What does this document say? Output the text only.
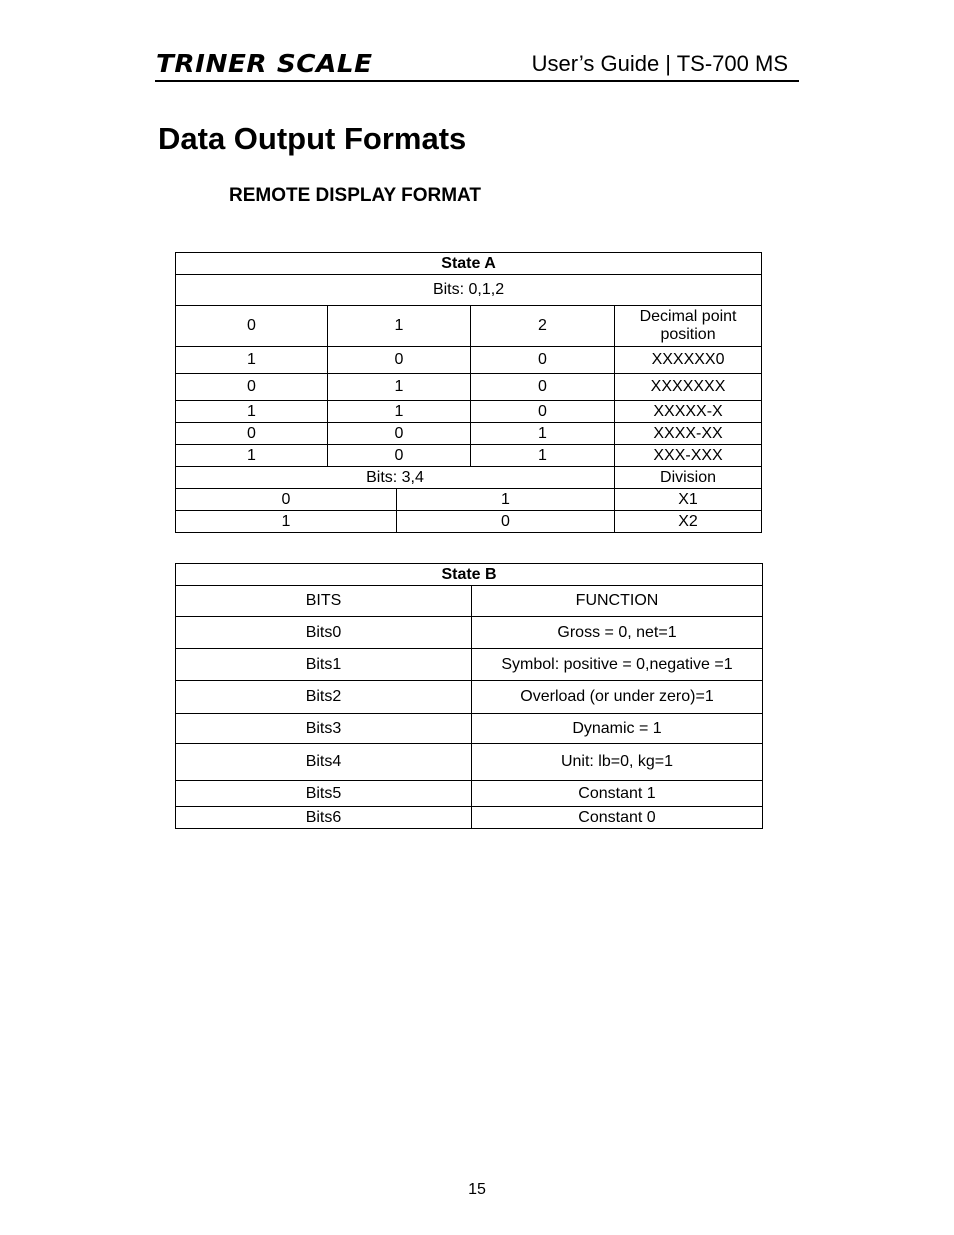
TRINER SCALE	User’s Guide | TS-700 MS
Data Output Formats
REMOTE DISPLAY FORMAT
State A				
Bits: 0,1,2				
0	1		2	Decimal point position
1	0		0	XXXXXX0
0	1		0	XXXXXXX
1	1		0	XXXXX-X
0	0		1	XXXX-XX
1	0		1	XXX-XXX
Bits: 3,4				Division
0		1		X1
1		0		X2
State B	
BITS	FUNCTION
Bits0	Gross = 0, net=1
Bits1	Symbol: positive = 0,negative =1
Bits2	Overload (or under zero)=1
Bits3	Dynamic = 1
Bits4	Unit: lb=0, kg=1
Bits5	Constant 1
Bits6	Constant 0
15
